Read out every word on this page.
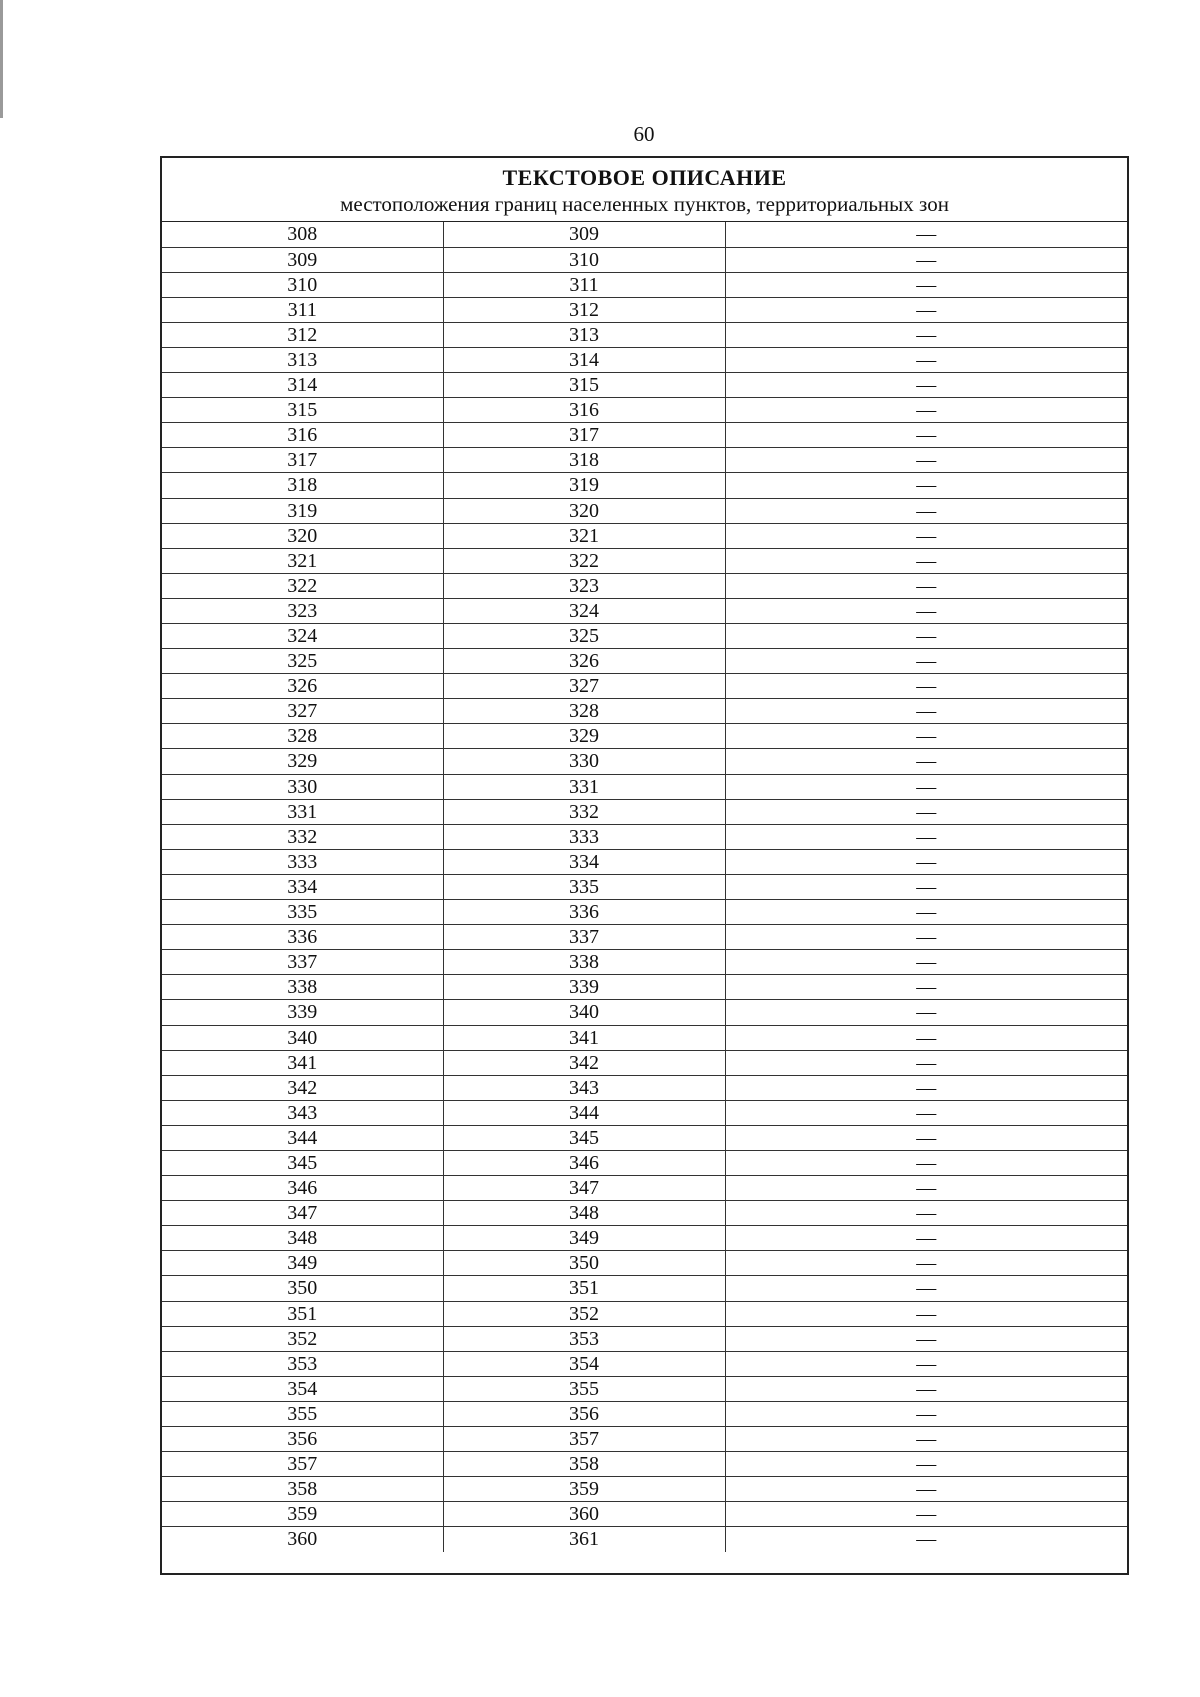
60
ТЕКСТОВОЕ ОПИСАНИЕ
местоположения границ населенных пунктов, территориальных зон
308	309	—
309	310	—
310	311	—
311	312	—
312	313	—
313	314	—
314	315	—
315	316	—
316	317	—
317	318	—
318	319	—
319	320	—
320	321	—
321	322	—
322	323	—
323	324	—
324	325	—
325	326	—
326	327	—
327	328	—
328	329	—
329	330	—
330	331	—
331	332	—
332	333	—
333	334	—
334	335	—
335	336	—
336	337	—
337	338	—
338	339	—
339	340	—
340	341	—
341	342	—
342	343	—
343	344	—
344	345	—
345	346	—
346	347	—
347	348	—
348	349	—
349	350	—
350	351	—
351	352	—
352	353	—
353	354	—
354	355	—
355	356	—
356	357	—
357	358	—
358	359	—
359	360	—
360	361	—
